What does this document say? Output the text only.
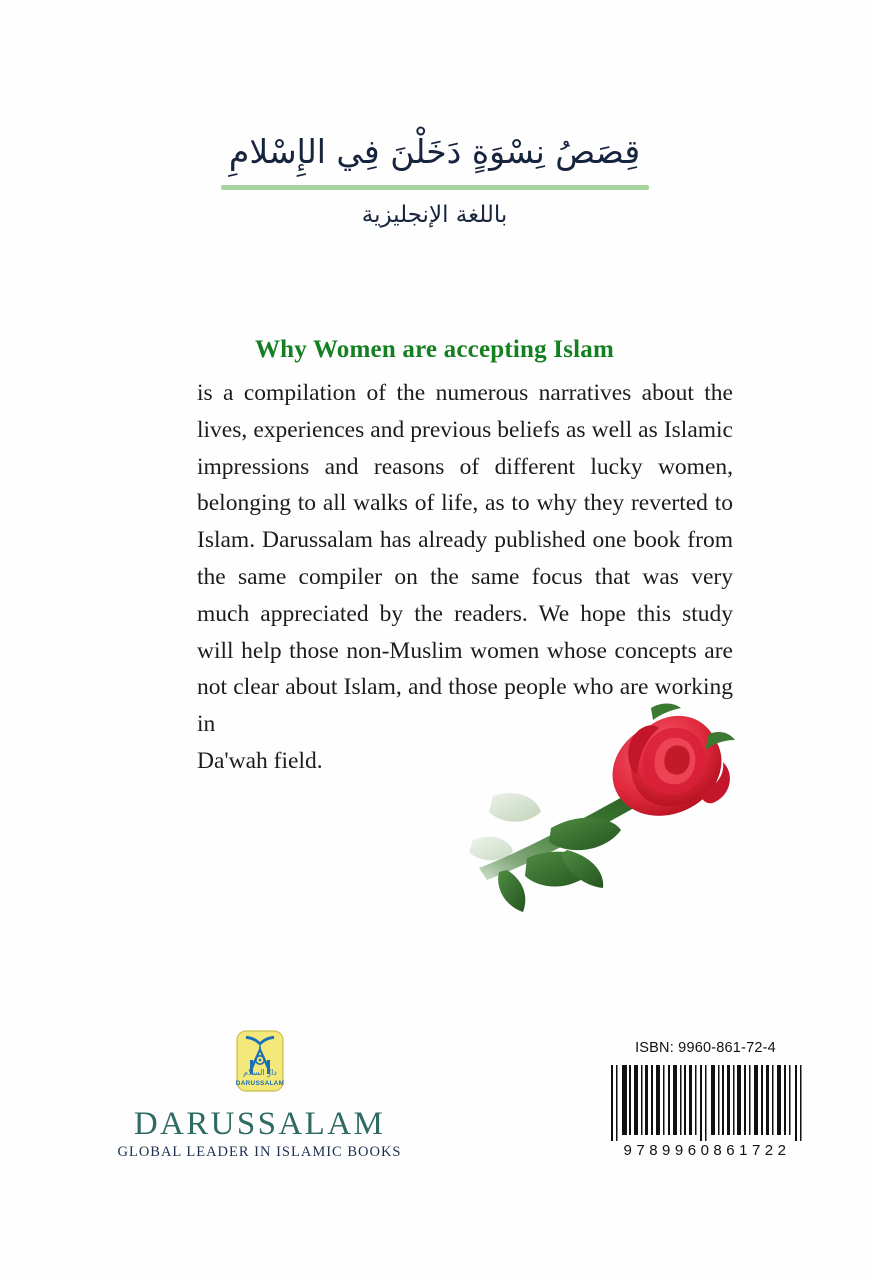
قِصَصُ نِسْوَةٍ دَخَلْنَ فِي الإِسْلامِ
باللغة الإنجليزية
Why Women are accepting Islam
is a compilation of the numerous narratives about the lives, experiences and previous beliefs as well as Islamic impressions and reasons of different lucky women, belonging to all walks of life, as to why they reverted to Islam. Darussalam has already published one book from the same compiler on the same focus that was very much appreciated by the readers. We hope this study will help those non-Muslim women whose concepts are not clear about Islam, and those people who are working in
Da'wah field.
دار السلام
DARUSSALAM
DARUSSALAM
GLOBAL LEADER IN ISLAMIC BOOKS
ISBN: 9960-861-72-4
9789960861722
